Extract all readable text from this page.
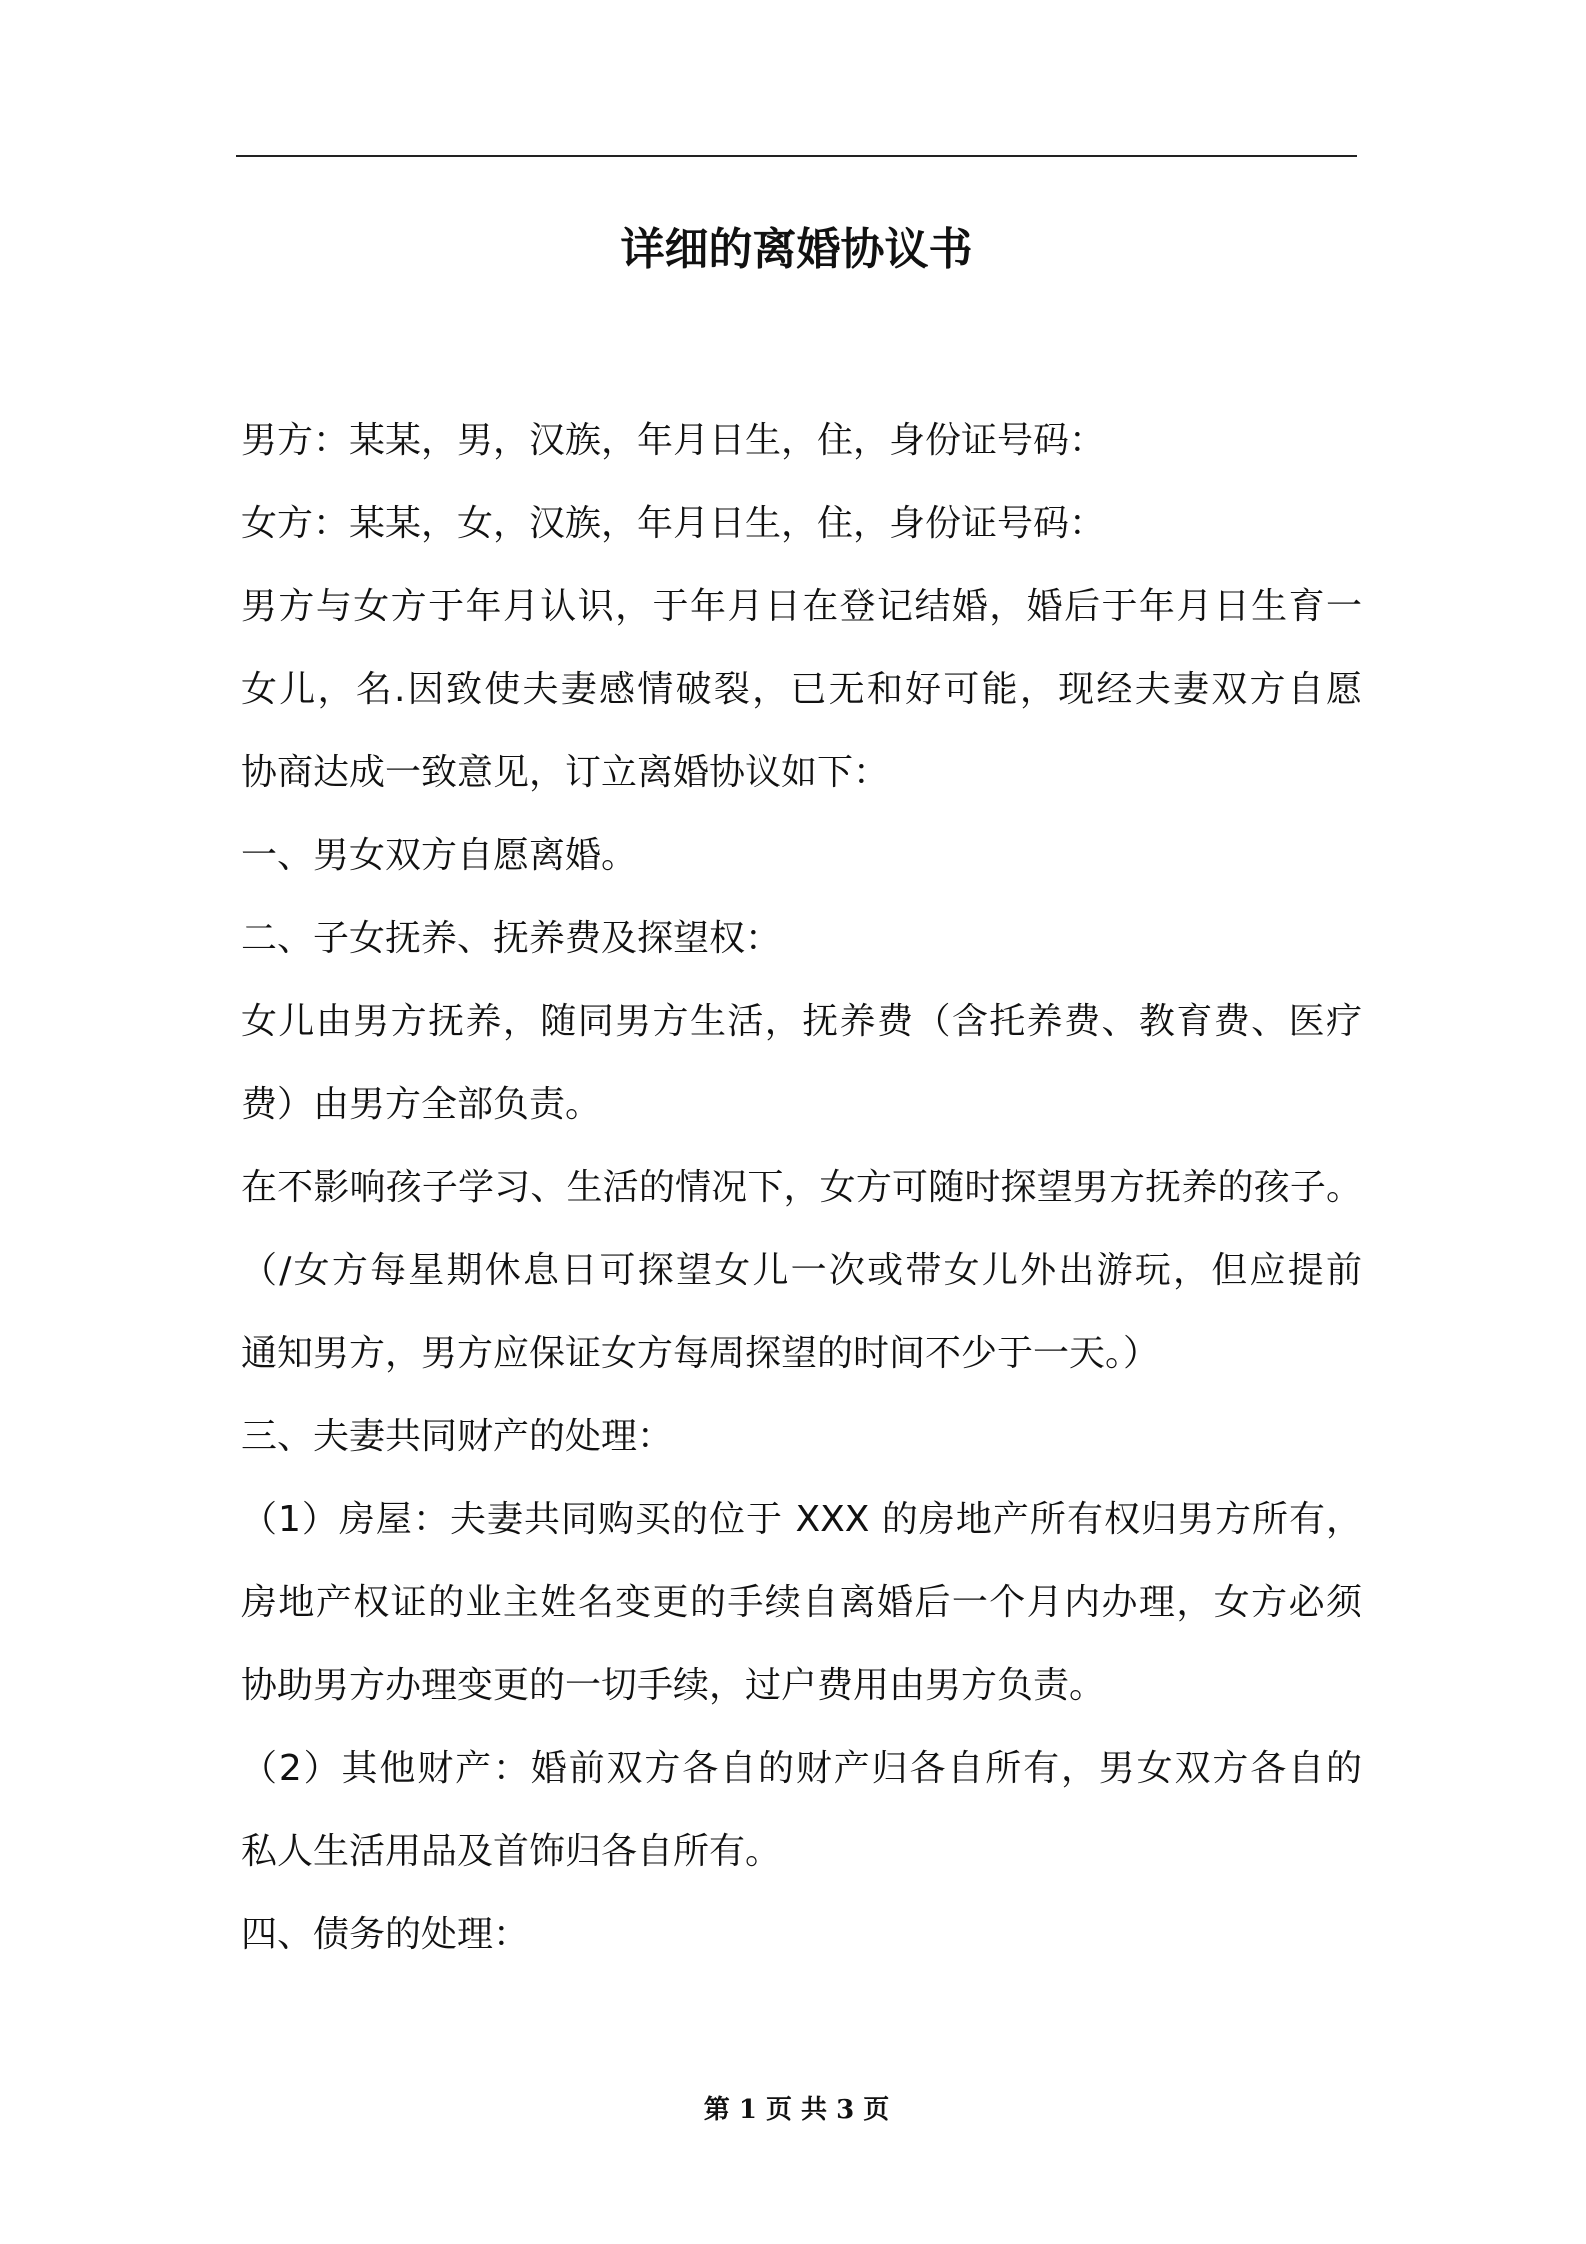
详细的离婚协议书
男方：某某，男，汉族，年月日生，住，身份证号码：
女方：某某，女，汉族，年月日生，住，身份证号码：
男方与女方于年月认识，于年月日在登记结婚，婚后于年月日生育一
女儿，名.因致使夫妻感情破裂，已无和好可能，现经夫妻双方自愿
协商达成一致意见，订立离婚协议如下：
一、男女双方自愿离婚。
二、子女抚养、抚养费及探望权：
女儿由男方抚养，随同男方生活，抚养费（含托养费、教育费、医疗
费）由男方全部负责。
在不影响孩子学习、生活的情况下，女方可随时探望男方抚养的孩子。
（/女方每星期休息日可探望女儿一次或带女儿外出游玩，但应提前
通知男方，男方应保证女方每周探望的时间不少于一天。）
三、夫妻共同财产的处理：
（1）房屋：夫妻共同购买的位于 XXX 的房地产所有权归男方所有，
房地产权证的业主姓名变更的手续自离婚后一个月内办理，女方必须
协助男方办理变更的一切手续，过户费用由男方负责。
（2）其他财产：婚前双方各自的财产归各自所有，男女双方各自的
私人生活用品及首饰归各自所有。
四、债务的处理：
第 1 页 共 3 页
